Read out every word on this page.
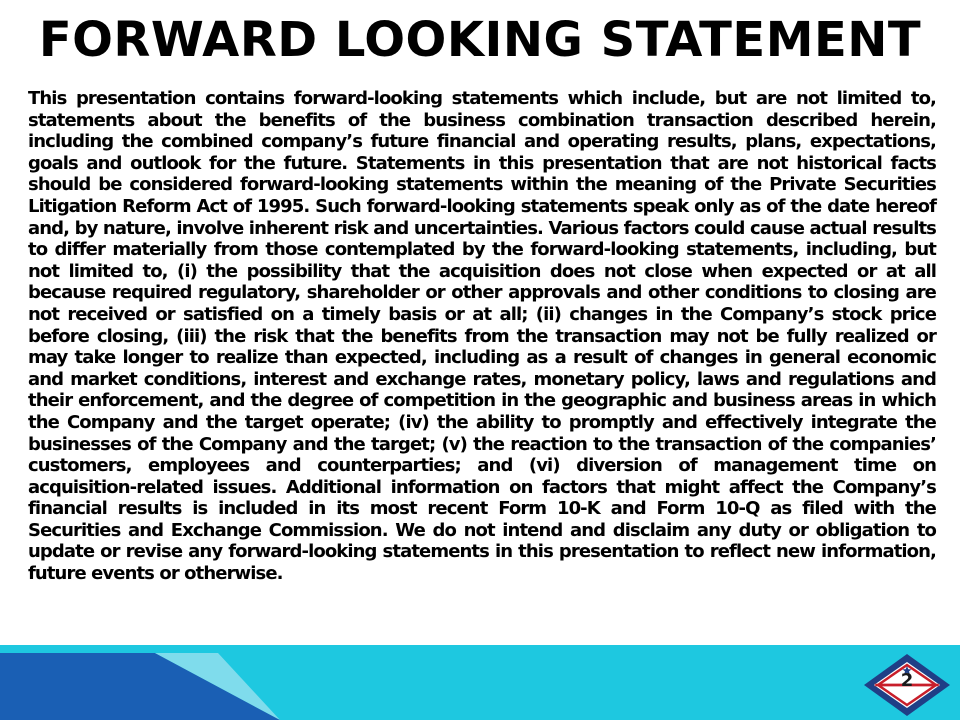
FORWARD LOOKING STATEMENT

This presentation contains forward-looking statements which include, but are not limited to, statements about the benefits of the business combination transaction described herein, including the combined company’s future financial and operating results, plans, expectations, goals and outlook for the future. Statements in this presentation that are not historical facts should be considered forward-looking statements within the meaning of the Private Securities Litigation Reform Act of 1995. Such forward-looking statements speak only as of the date hereof and, by nature, involve inherent risk and uncertainties. Various factors could cause actual results to differ materially from those contemplated by the forward-looking statements, including, but not limited to, (i) the possibility that the acquisition does not close when expected or at all because required regulatory, shareholder or other approvals and other conditions to closing are not received or satisfied on a timely basis or at all; (ii) changes in the Company’s stock price before closing, (iii) the risk that the benefits from the transaction may not be fully realized or may take longer to realize than expected, including as a result of changes in general economic and market conditions, interest and exchange rates, monetary policy, laws and regulations and their enforcement, and the degree of competition in the geographic and business areas in which the Company and the target operate; (iv) the ability to promptly and effectively integrate the businesses of the Company and the target; (v) the reaction to the transaction of the companies’ customers, employees and counterparties; and (vi) diversion of management time on acquisition-related issues. Additional information on factors that might affect the Company’s financial results is included in its most recent Form 10-K and Form 10-Q as filed with the Securities and Exchange Commission. We do not intend and disclaim any duty or obligation to update or revise any forward-looking statements in this presentation to reflect new information, future events or otherwise.

2
